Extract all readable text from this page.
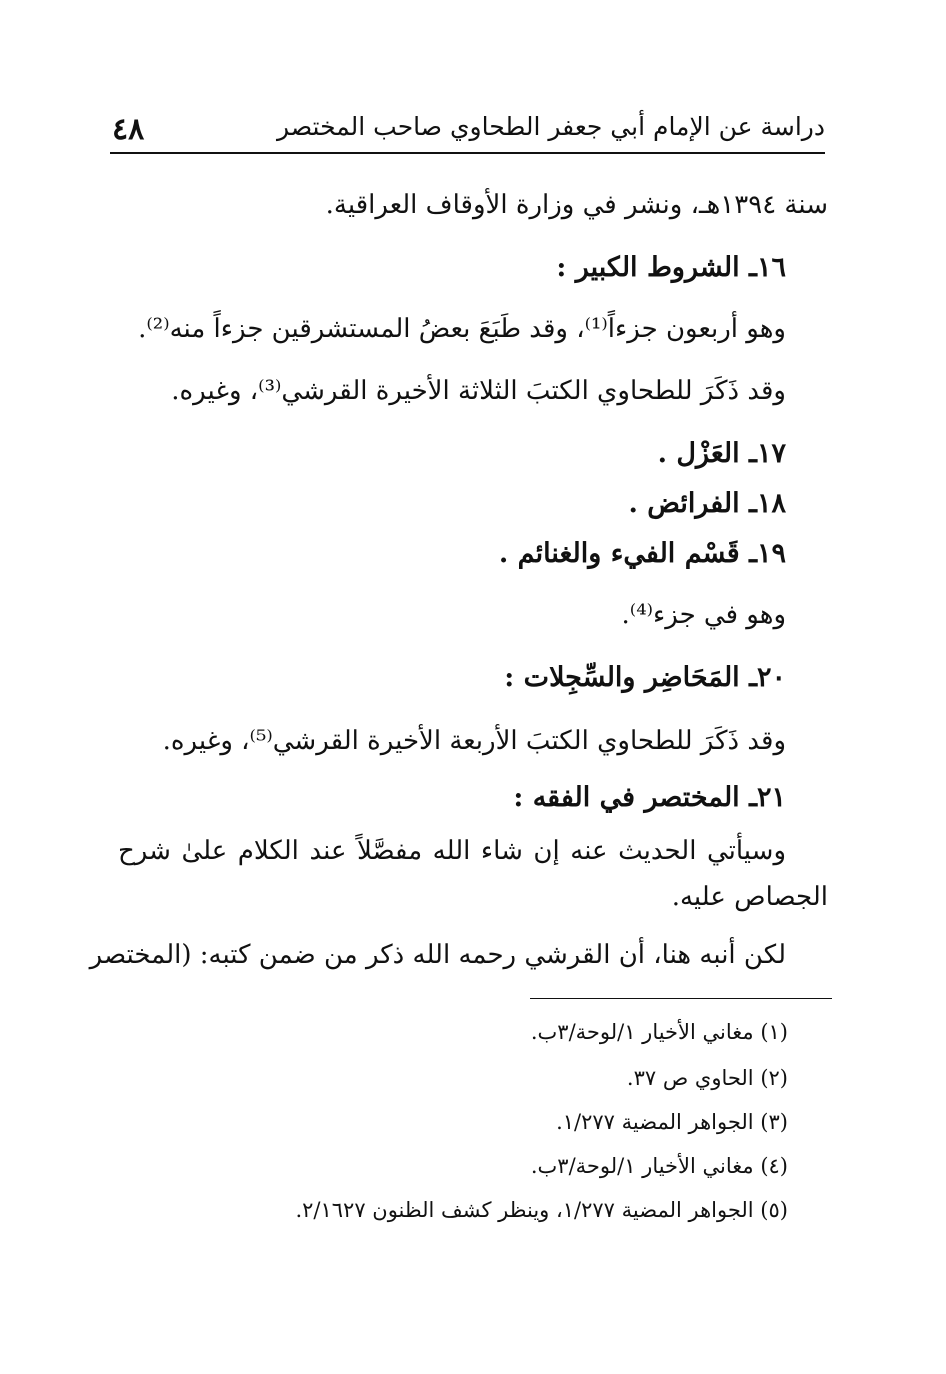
دراسة عن الإمام أبي جعفر الطحاوي صاحب المختصر
٤٨
سنة ١٣٩٤هـ، ونشر في وزارة الأوقاف العراقية.
١٦ـ الشروط الكبير :
وهو أربعون جزءاً⁽¹⁾، وقد طَبَعَ بعضُ المستشرقين جزءاً منه⁽²⁾.
وقد ذَكَرَ للطحاوي الكتبَ الثلاثة الأخيرة القرشي⁽³⁾، وغيره.
١٧ـ العَزْل .
١٨ـ الفرائض .
١٩ـ قَسْم الفيء والغنائم .
وهو في جزء⁽⁴⁾.
٢٠ـ المَحَاضِر والسِّجِلات :
وقد ذَكَرَ للطحاوي الكتبَ الأربعة الأخيرة القرشي⁽⁵⁾، وغيره.
٢١ـ المختصر في الفقه :
وسيأتي الحديث عنه إن شاء الله مفصَّلاً عند الكلام علىٰ شرح
الجصاص عليه.
لكن أنبه هنا، أن القرشي رحمه الله ذكر من ضمن كتبه: (المختصر
(١) مغاني الأخيار ١/لوحة/٣ب.
(٢) الحاوي ص ٣٧.
(٣) الجواهر المضية ١/٢٧٧.
(٤) مغاني الأخيار ١/لوحة/٣ب.
(٥) الجواهر المضية ١/٢٧٧، وينظر كشف الظنون ٢/١٦٢٧.
